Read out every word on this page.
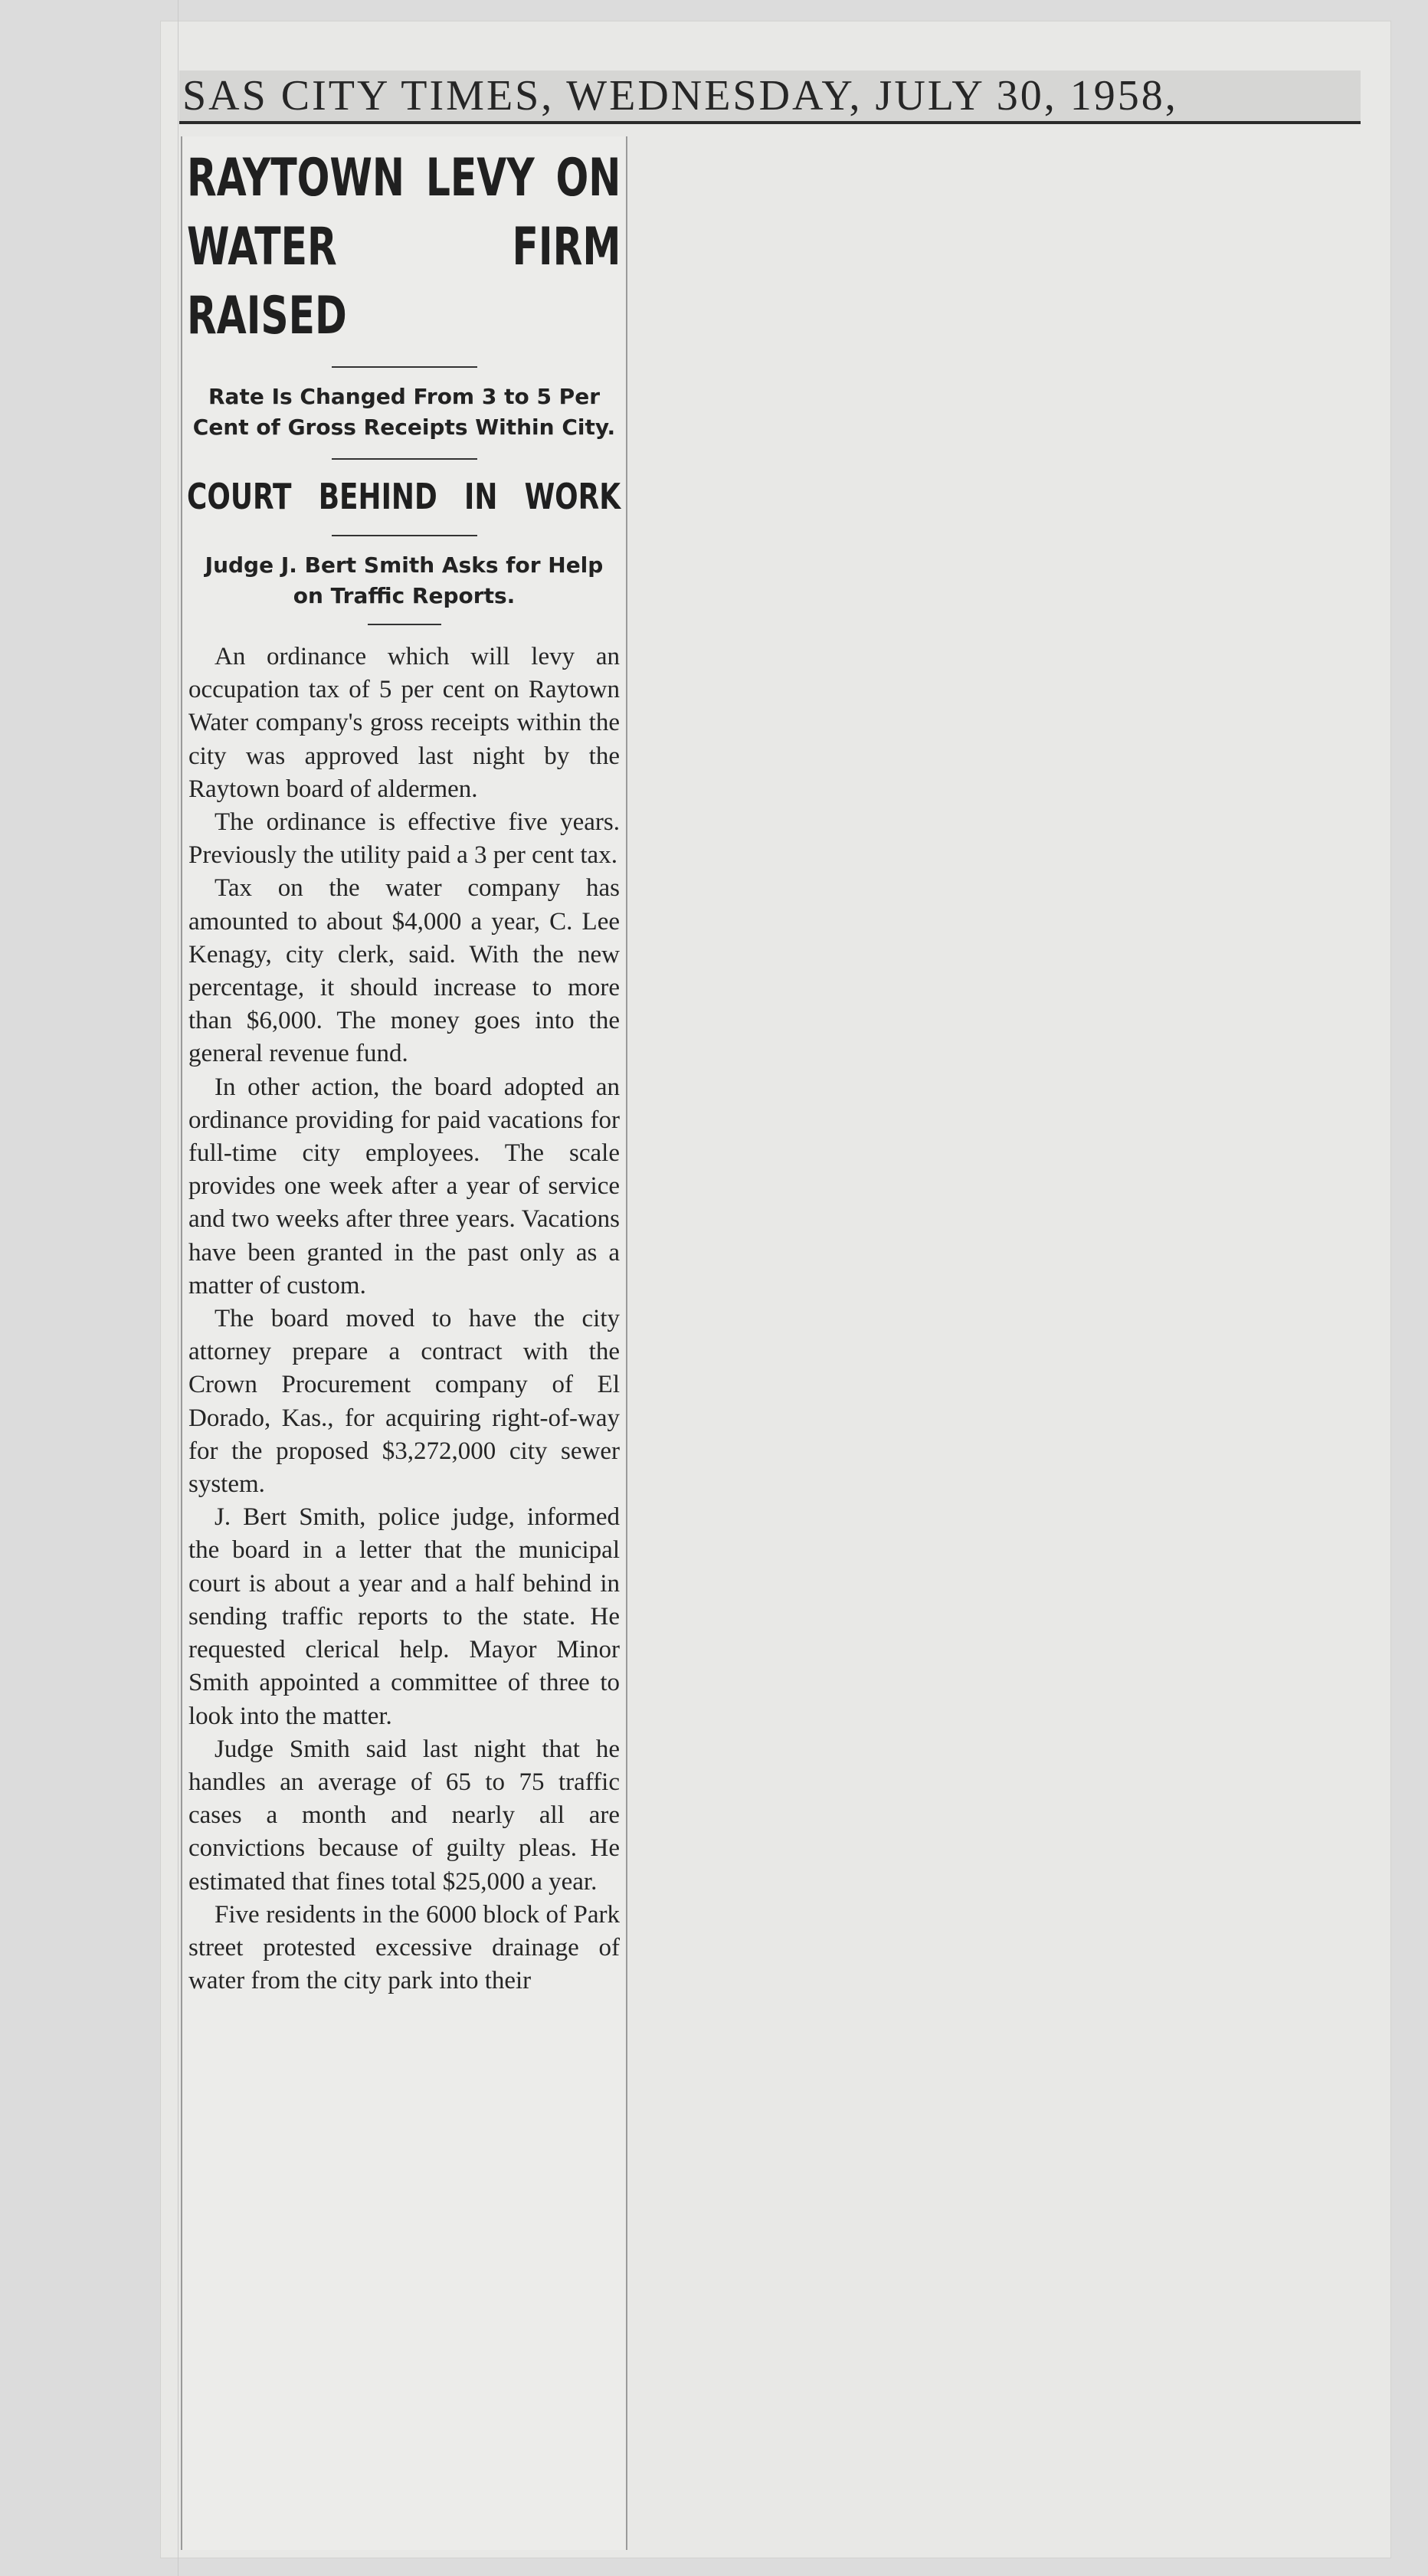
SAS CITY TIMES, WEDNESDAY, JULY 30, 1958,
RAYTOWN LEVY ON
WATER FIRM RAISED
Rate Is Changed From 3 to 5 Per Cent of Gross Receipts Within City.
COURT BEHIND IN WORK
Judge J. Bert Smith Asks for Help on Traffic Reports.

An ordinance which will levy an occupation tax of 5 per cent on Raytown Water company's gross receipts within the city was approved last night by the Raytown board of aldermen.

The ordinance is effective five years. Previously the utility paid a 3 per cent tax.

Tax on the water company has amounted to about $4,000 a year, C. Lee Kenagy, city clerk, said. With the new percentage, it should increase to more than $6,000. The money goes into the general revenue fund.

In other action, the board adopted an ordinance providing for paid vacations for full-time city employees. The scale provides one week after a year of service and two weeks after three years. Vacations have been granted in the past only as a matter of custom.

The board moved to have the city attorney prepare a contract with the Crown Procurement company of El Dorado, Kas., for acquiring right-of-way for the proposed $3,272,000 city sewer system.

J. Bert Smith, police judge, informed the board in a letter that the municipal court is about a year and a half behind in sending traffic reports to the state. He requested clerical help. Mayor Minor Smith appointed a committee of three to look into the matter.

Judge Smith said last night that he handles an average of 65 to 75 traffic cases a month and nearly all are convictions because of guilty pleas. He estimated that fines total $25,000 a year.

Five residents in the 6000 block of Park street protested excessive drainage of water from the city park into their
